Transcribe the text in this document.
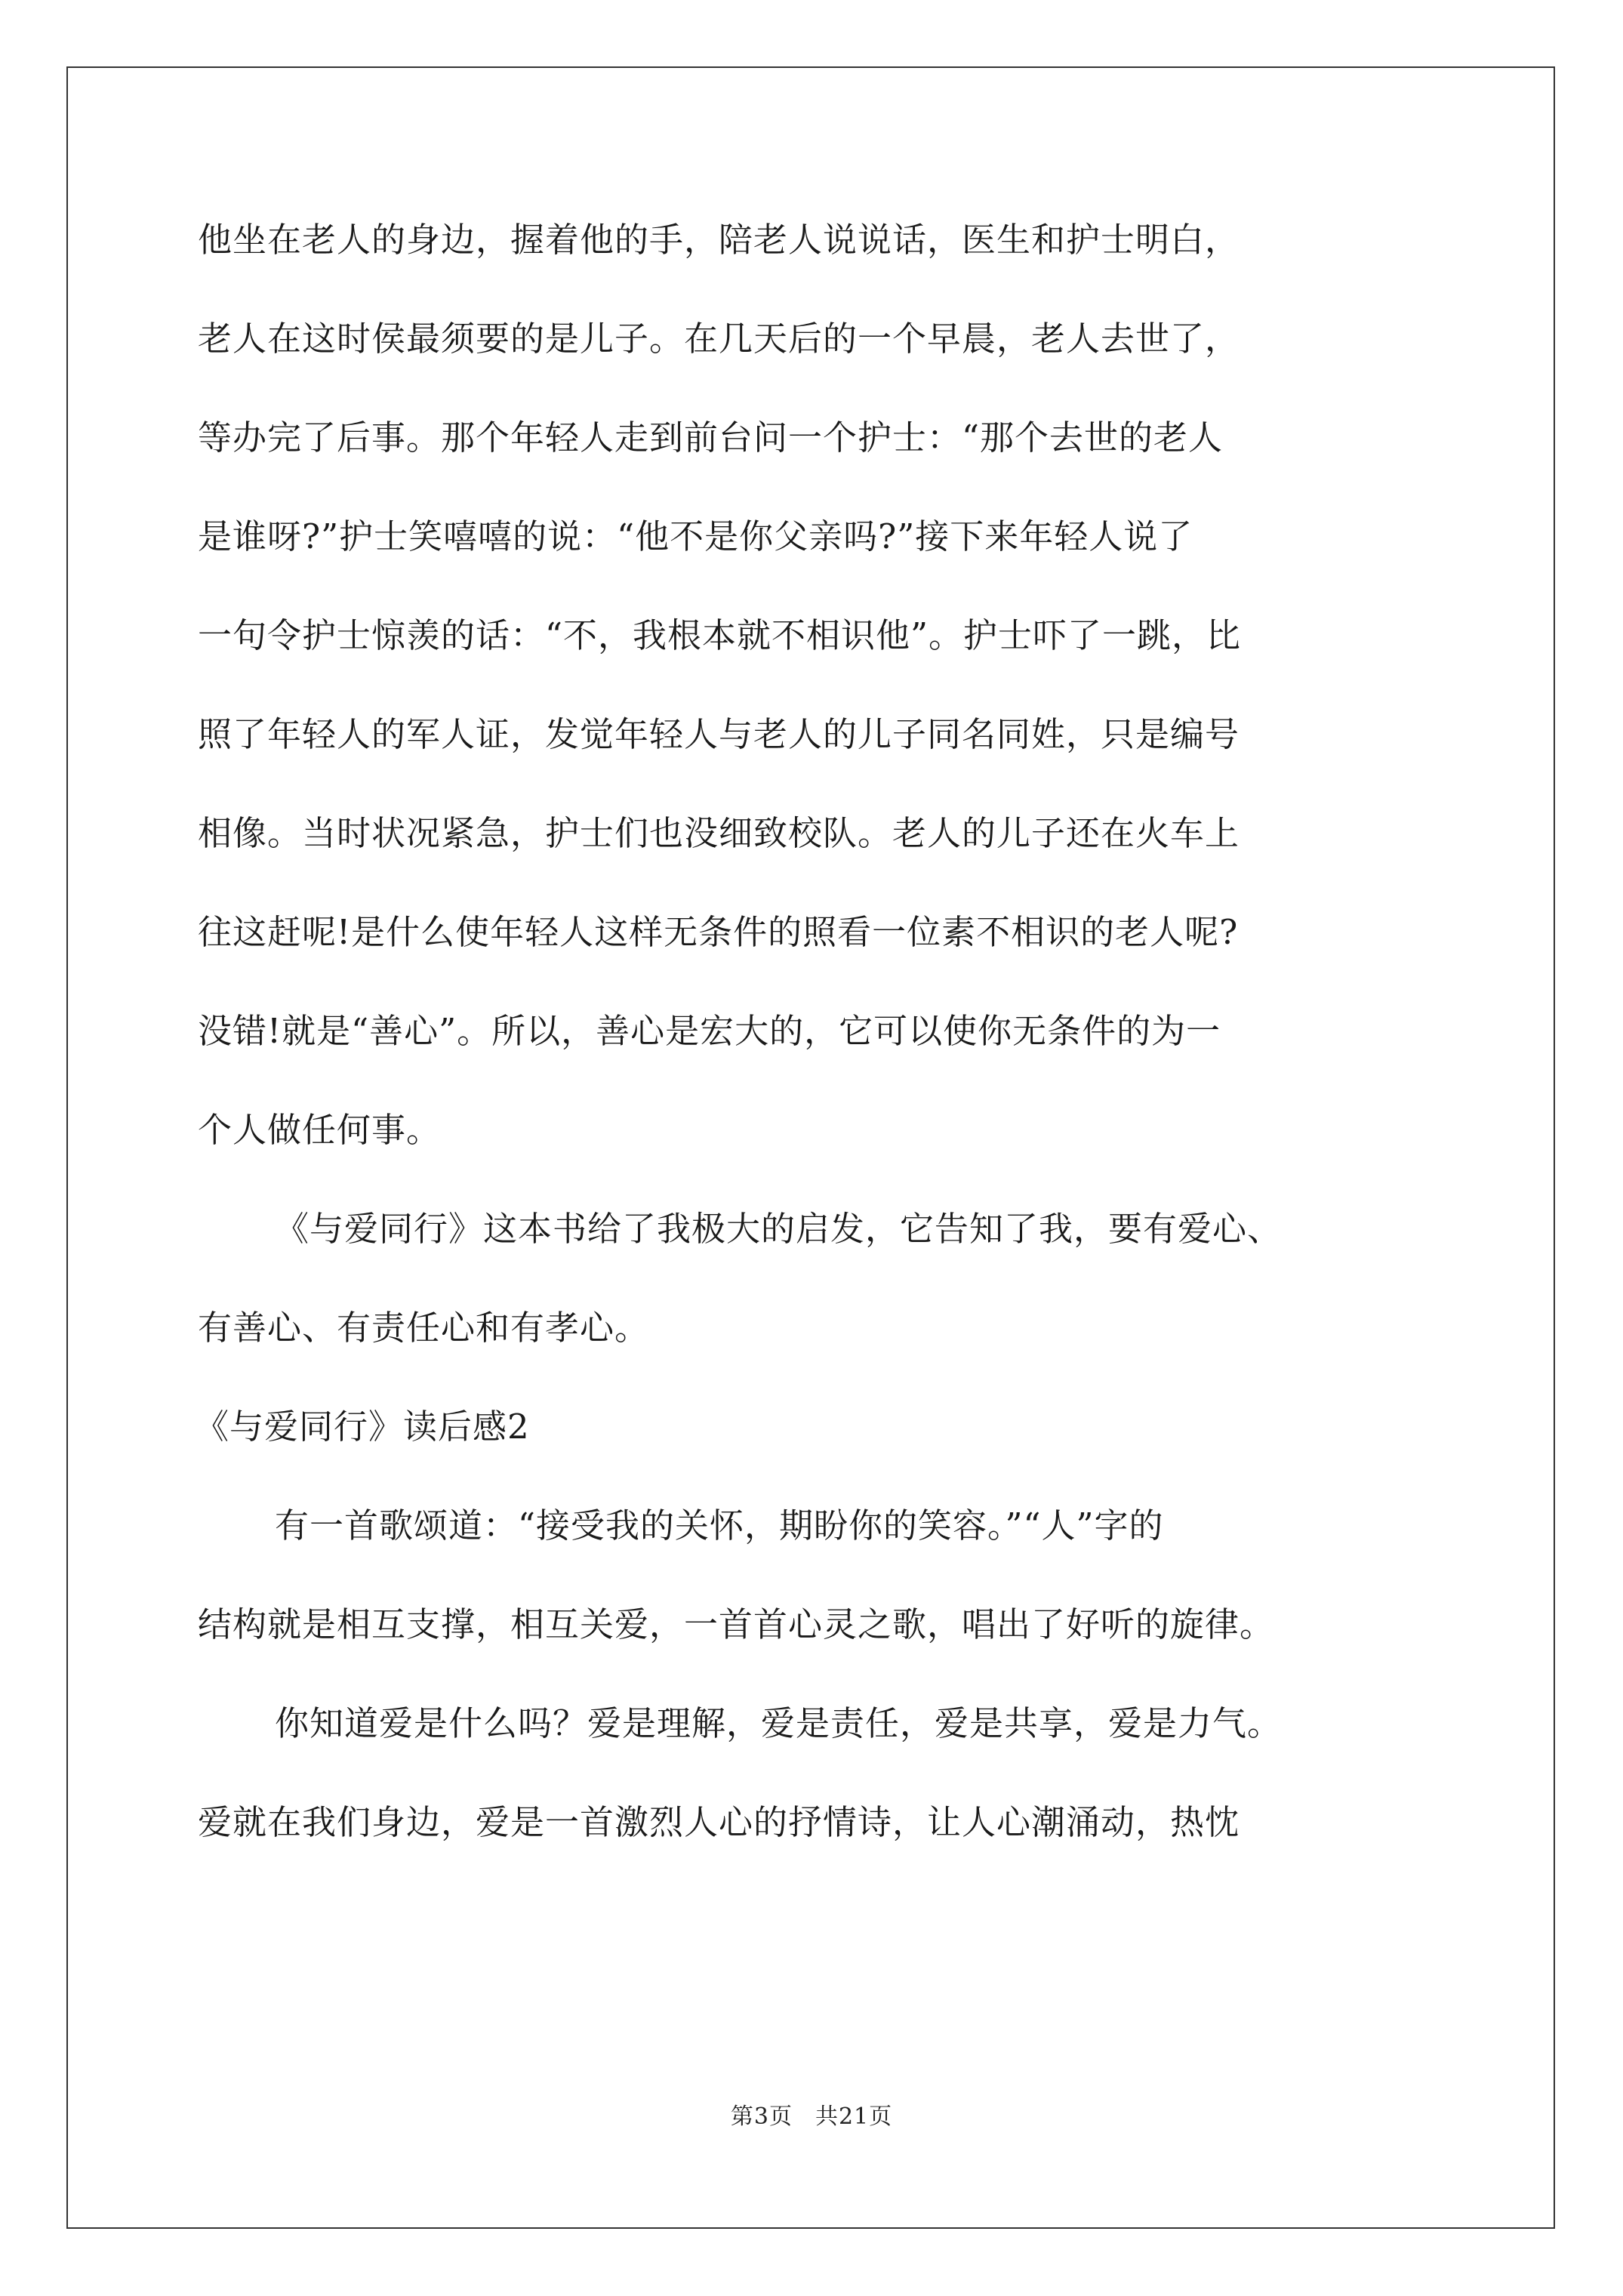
他坐在老人的身边，握着他的手，陪老人说说话，医生和护士明白，
老人在这时侯最须要的是儿子。在几天后的一个早晨，老人去世了，
等办完了后事。那个年轻人走到前台问一个护士：“那个去世的老人
是谁呀?”护士笑嘻嘻的说：“他不是你父亲吗?”接下来年轻人说了
一句令护士惊羡的话：“不，我根本就不相识他”。护士吓了一跳，比
照了年轻人的军人证，发觉年轻人与老人的儿子同名同姓，只是编号
相像。当时状况紧急，护士们也没细致校队。老人的儿子还在火车上
往这赶呢!是什么使年轻人这样无条件的照看一位素不相识的老人呢?
没错!就是“善心”。所以，善心是宏大的，它可以使你无条件的为一
个人做任何事。
《与爱同行》这本书给了我极大的启发，它告知了我，要有爱心、
有善心、有责任心和有孝心。
《与爱同行》读后感2
有一首歌颂道：“接受我的关怀，期盼你的笑容。”“人”字的
结构就是相互支撑，相互关爱，一首首心灵之歌，唱出了好听的旋律。
你知道爱是什么吗？爱是理解，爱是责任，爱是共享，爱是力气。
爱就在我们身边，爱是一首激烈人心的抒情诗，让人心潮涌动，热忱
第3页 共21页
